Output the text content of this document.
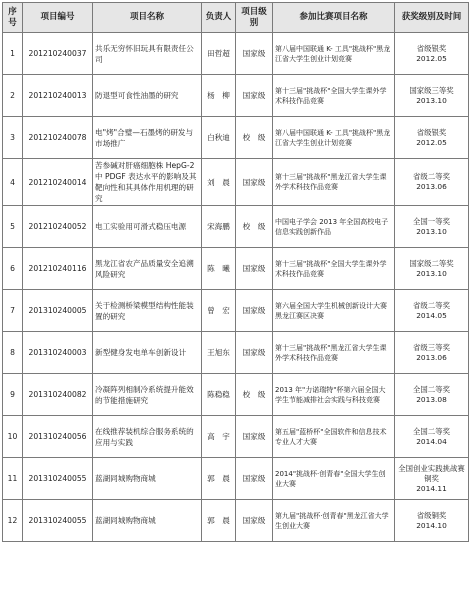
序号	项目编号	项目名称	负责人	项目级别	参加比赛项目名称	获奖级别及时间
1	201210240037	共乐无穷怀旧玩具有限责任公司	田哲超	国家级	第八届中国联通 K- 工具"挑战杯"黑龙江省大学生创业计划竞赛	省级银奖
2012.05

2	201210240013	防退型可食性油墨的研究	杨　柳	国家级	第十三届"挑战杯"全国大学生课外学术科技作品竞赛	国家级三等奖
2013.10

3	201210240078	电"烤"合璧—石墨烤的研发与市场推广	白秋迪	校　级	第八届中国联通 K- 工具"挑战杯"黑龙江省大学生创业计划竞赛	省级银奖
2012.05

4	201210240014	苦参碱对肝癌细胞株 HepG-2 中 PDGF 表达水平的影响及其靶向性和其具体作用机理的研究	刘　晨	国家级	第十三届"挑战杯"黑龙江省大学生课外学术科技作品竞赛	省级二等奖
2013.06

5	201210240052	电工实验用可滑式稳压电源	宋海鹏	校　级	中国电子学会 2013 年全国高校电子信息实践创新作品	全国一等奖
2013.10

6	201210240116	黑龙江省农产品质量安全追溯风险研究	陈　曦	国家级	第十三届"挑战杯"全国大学生课外学术科技作品竞赛	国家级二等奖
2013.10

7	201310240005	关于检测桥梁模型结构性能装置的研究	曾　宏	国家级	第六届全国大学生机械创新设计大赛黑龙江赛区决赛	省级二等奖
2014.05

8	201310240003	新型健身发电单车创新设计	王旭东	国家级	第十三届"挑战杯"黑龙江省大学生课外学术科技作品竞赛	省级三等奖
2013.06

9	201310240082	冷凝阵列相制冷系统提升能效的节能措施研究	陈稳稳	校　级	2013 年"力诺瑞特"杯第六届全国大学生节能减排社会实践与科技竞赛	全国二等奖
2013.08

10	201310240056	在线推荐装机综合服务系统的应用与实践	高　宇	国家级	第五届"蓝桥杯"全国软件和信息技术专业人才大赛	全国二等奖
2014.04

11	201310240055	蓝湖同城购物商城	郭　晨	国家级	2014"挑战杯·创青春"全国大学生创业大赛	全国创业实践挑战赛铜奖
2014.11

12	201310240055	蓝湖同城购物商城	郭　晨	国家级	第九届"挑战杯·创青春"黑龙江省大学生创业大赛	省级铜奖
2014.10
